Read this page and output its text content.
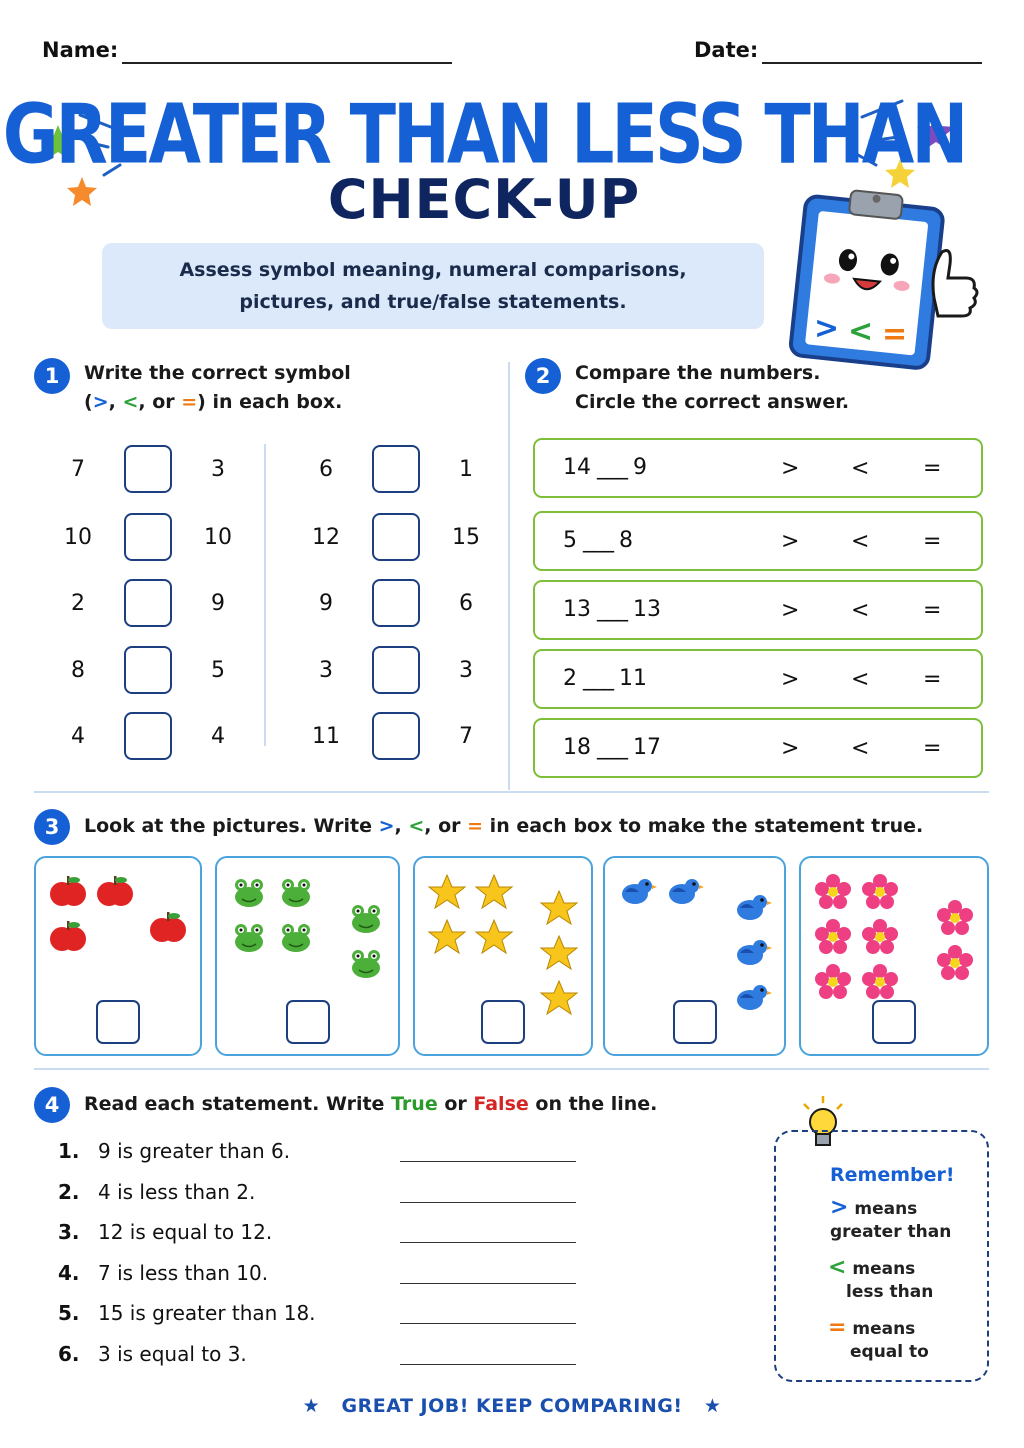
Name:	Date:
GREATER THAN LESS THAN
CHECK-UP
Assess symbol meaning, numeral comparisons, pictures, and true/false statements.
> < =
1	Write the correct symbol
(>, <, or =) in each box.
7	3
10	10
2	9
8	5
4	4
6	1
12	15
9	6
3	3
11	7
2	Compare the numbers.
Circle the correct answer.
14 ___ 9	> < =
5 ___ 8	> < =
13 ___ 13	> < =
2 ___ 11	> < =
18 ___ 17	> < =
3	Look at the pictures. Write >, <, or = in each box to make the statement true.
4	Read each statement. Write True or False on the line.
1. 9 is greater than 6.
2. 4 is less than 2.
3. 12 is equal to 12.
4. 7 is less than 10.
5. 15 is greater than 18.
6. 3 is equal to 3.
Remember!
> means
greater than
< means
less than
= means
equal to
★ GREAT JOB! KEEP COMPARING! ★
